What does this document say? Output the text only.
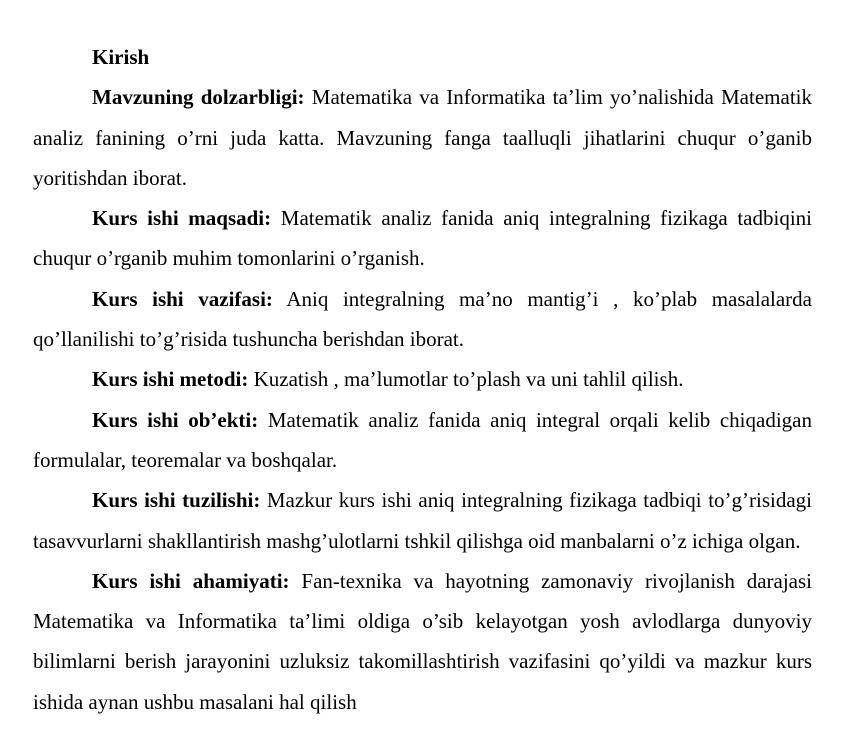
Kirish

Mavzuning dolzarbligi: Matematika va Informatika ta’lim yo’nalishida Matematik analiz fanining o’rni juda katta. Mavzuning fanga taalluqli jihatlarini chuqur o’ganib yoritishdan iborat.

Kurs ishi maqsadi: Matematik analiz fanida aniq integralning fizikaga tadbiqini chuqur o’rganib muhim tomonlarini o’rganish.

Kurs ishi vazifasi: Aniq integralning ma’no mantig’i , ko’plab masalalarda qo’llanilishi to’g’risida tushuncha berishdan iborat.

Kurs ishi metodi: Kuzatish , ma’lumotlar to’plash va uni tahlil qilish.

Kurs ishi ob’ekti: Matematik analiz fanida aniq integral orqali kelib chiqadigan formulalar, teoremalar va boshqalar.

Kurs ishi tuzilishi: Mazkur kurs ishi aniq integralning fizikaga tadbiqi to’g’risidagi tasavvurlarni shakllantirish mashg’ulotlarni tshkil qilishga oid manbalarni o’z ichiga olgan.

Kurs ishi ahamiyati: Fan-texnika va hayotning zamonaviy rivojlanish darajasi Matematika va Informatika ta’limi oldiga o’sib kelayotgan yosh avlodlarga dunyoviy bilimlarni berish jarayonini uzluksiz takomillashtirish vazifasini qo’yildi va mazkur kurs ishida aynan ushbu masalani hal qilish
